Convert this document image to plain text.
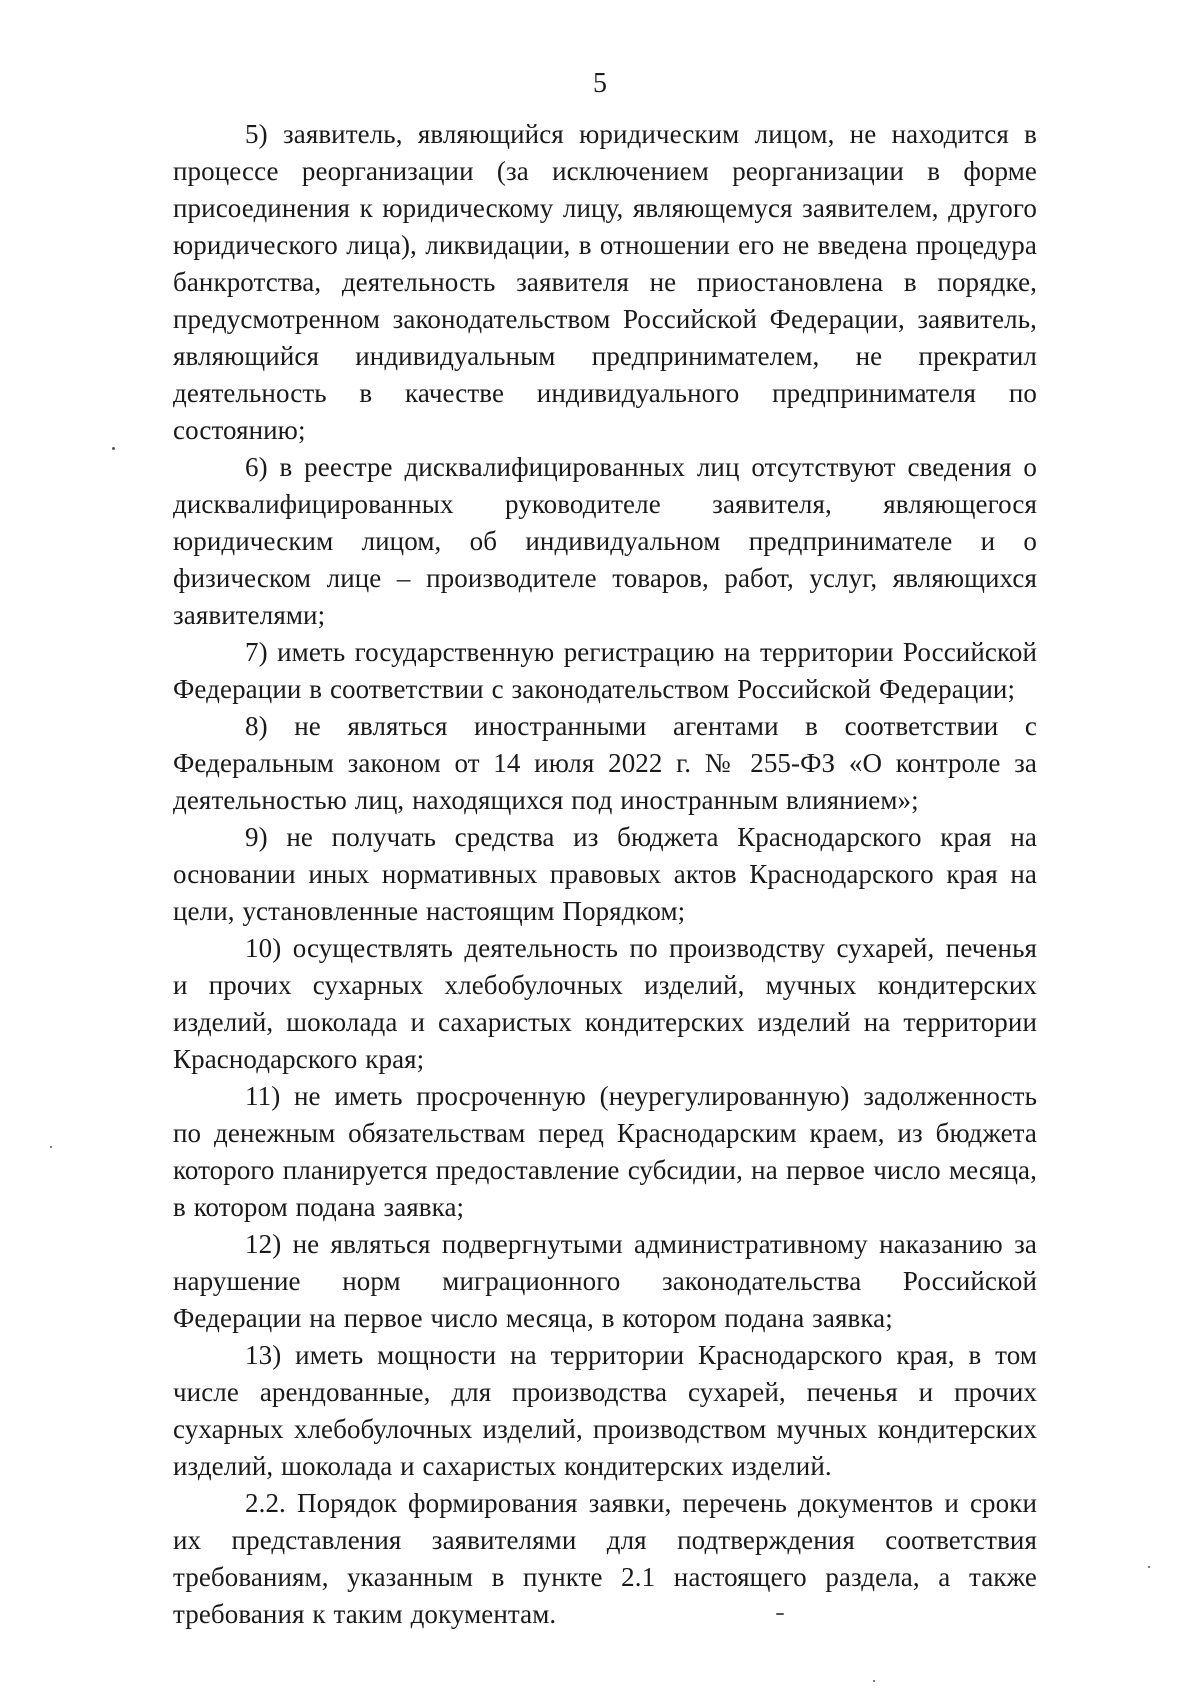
5

5) заявитель, являющийся юридическим лицом, не находится в процессе реорганизации (за исключением реорганизации в форме присоединения к юридическому лицу, являющемуся заявителем, другого юридического лица), ликвидации, в отношении его не введена процедура банкротства, деятельность заявителя не приостановлена в порядке, предусмотренном законодательством Российской Федерации, заявитель, являющийся индивидуальным предпринимателем, не прекратил деятельность в качестве индивидуального предпринимателя по состоянию;

6) в реестре дисквалифицированных лиц отсутствуют сведения о дисквалифицированных руководителе заявителя, являющегося юридическим лицом, об индивидуальном предпринимателе и о физическом лице – производителе товаров, работ, услуг, являющихся заявителями;

7) иметь государственную регистрацию на территории Российской Федерации в соответствии с законодательством Российской Федерации;

8) не являться иностранными агентами в соответствии с Федеральным законом от 14 июля 2022 г. № 255-ФЗ «О контроле за деятельностью лиц, находящихся под иностранным влиянием»;

9) не получать средства из бюджета Краснодарского края на основании иных нормативных правовых актов Краснодарского края на цели, установленные настоящим Порядком;

10) осуществлять деятельность по производству сухарей, печенья и прочих сухарных хлебобулочных изделий, мучных кондитерских изделий, шоколада и сахаристых кондитерских изделий на территории Краснодарского края;

11) не иметь просроченную (неурегулированную) задолженность по денежным обязательствам перед Краснодарским краем, из бюджета которого планируется предоставление субсидии, на первое число месяца, в котором подана заявка;

12) не являться подвергнутыми административному наказанию за нарушение норм миграционного законодательства Российской Федерации на первое число месяца, в котором подана заявка;

13) иметь мощности на территории Краснодарского края, в том числе арендованные, для производства сухарей, печенья и прочих сухарных хлебобулочных изделий, производством мучных кондитерских изделий, шоколада и сахаристых кондитерских изделий.

2.2. Порядок формирования заявки, перечень документов и сроки их представления заявителями для подтверждения соответствия требованиям, указанным в пункте 2.1 настоящего раздела, а также требования к таким документам.
